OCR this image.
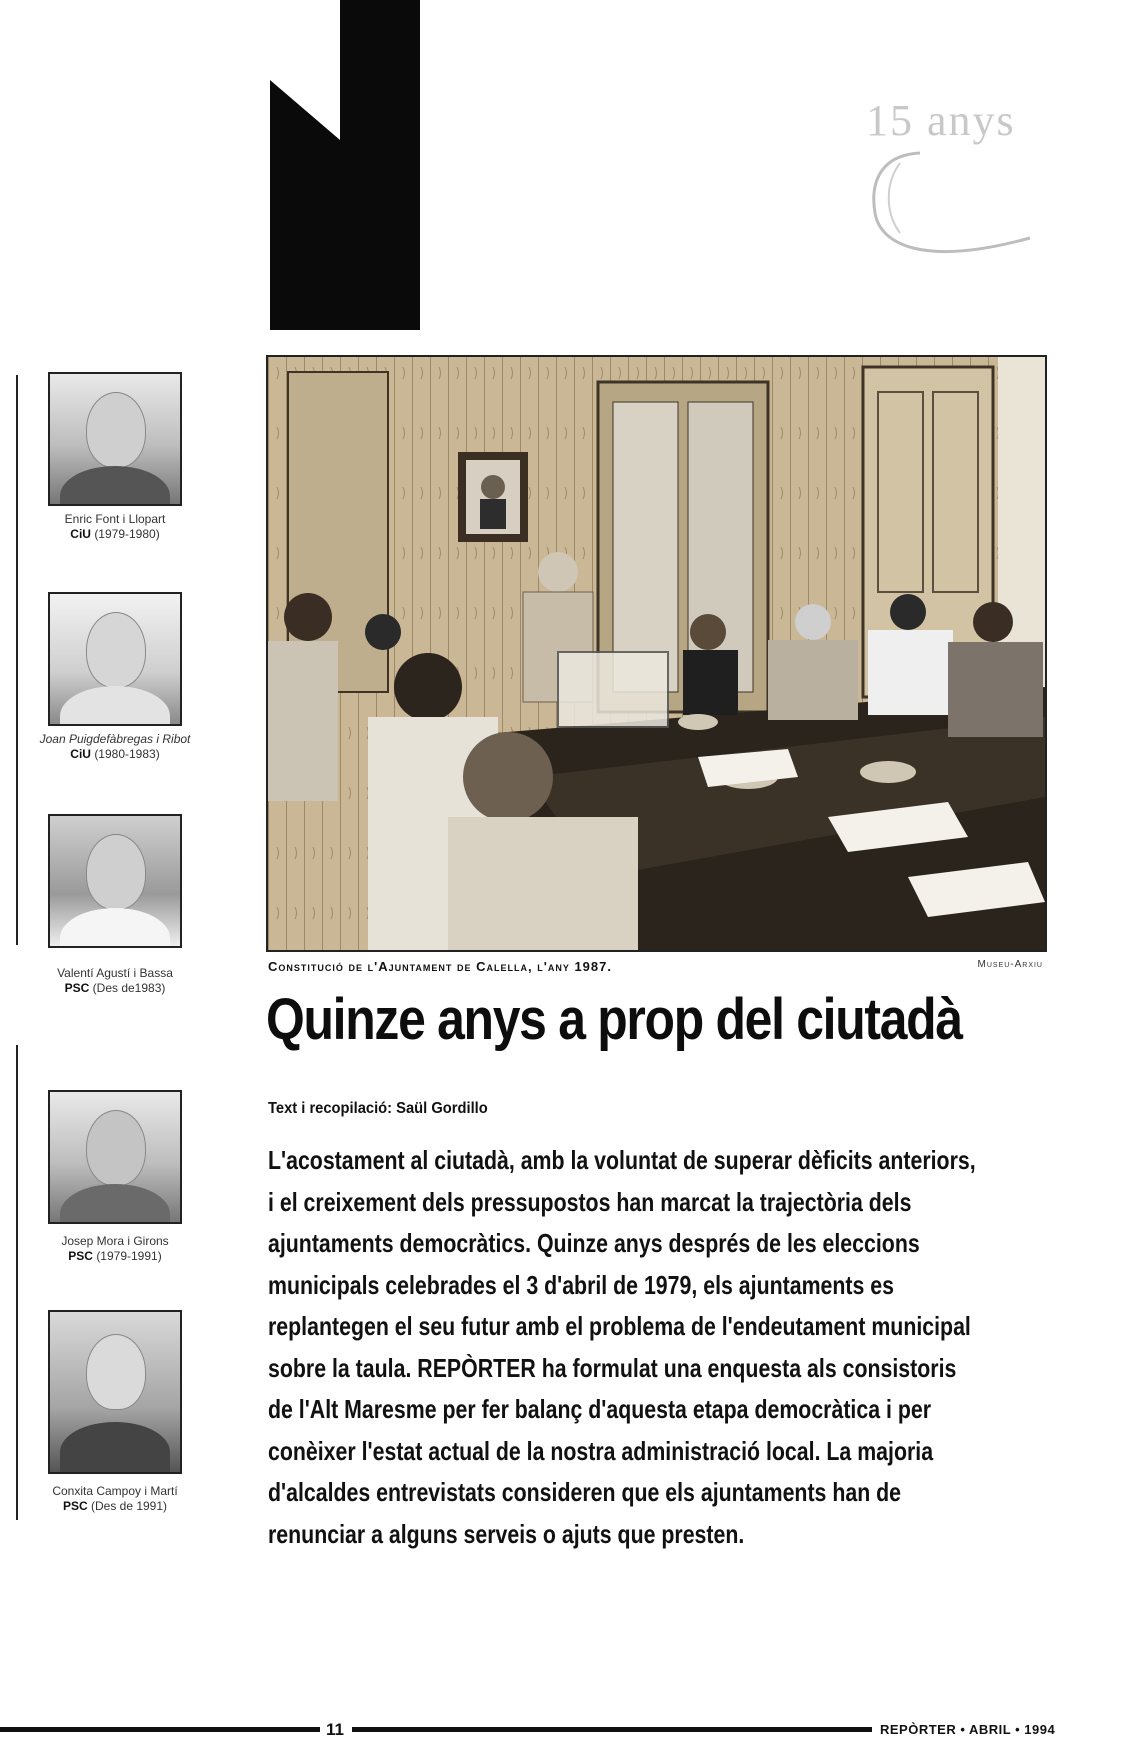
15 anys
Enric Font i Llopart
CiU (1979-1980)
Joan Puigdefàbregas i Ribot
CiU (1980-1983)
Valentí Agustí i Bassa
PSC (Des de1983)
Josep Mora i Girons
PSC (1979-1991)
Conxita Campoy i Martí
PSC (Des de 1991)
Constitució de l'Ajuntament de Calella, l'any 1987.	Museu-Arxiu
Quinze anys a prop del ciutadà
Text i recopilació: Saül Gordillo
L'acostament al ciutadà, amb la voluntat de superar dèficits anteriors, i el creixement dels pressupostos han marcat la trajectòria dels ajuntaments democràtics. Quinze anys després de les eleccions municipals celebrades el 3 d'abril de 1979, els ajuntaments es replantegen el seu futur amb el problema de l'endeutament municipal sobre la taula. REPÒRTER ha formulat una enquesta als consistoris de l'Alt Maresme per fer balanç d'aquesta etapa democràtica i per conèixer l'estat actual de la nostra administració local. La majoria d'alcaldes entrevistats consideren que els ajuntaments han de renunciar a alguns serveis o ajuts que presten.
11	REPÒRTER • ABRIL • 1994
